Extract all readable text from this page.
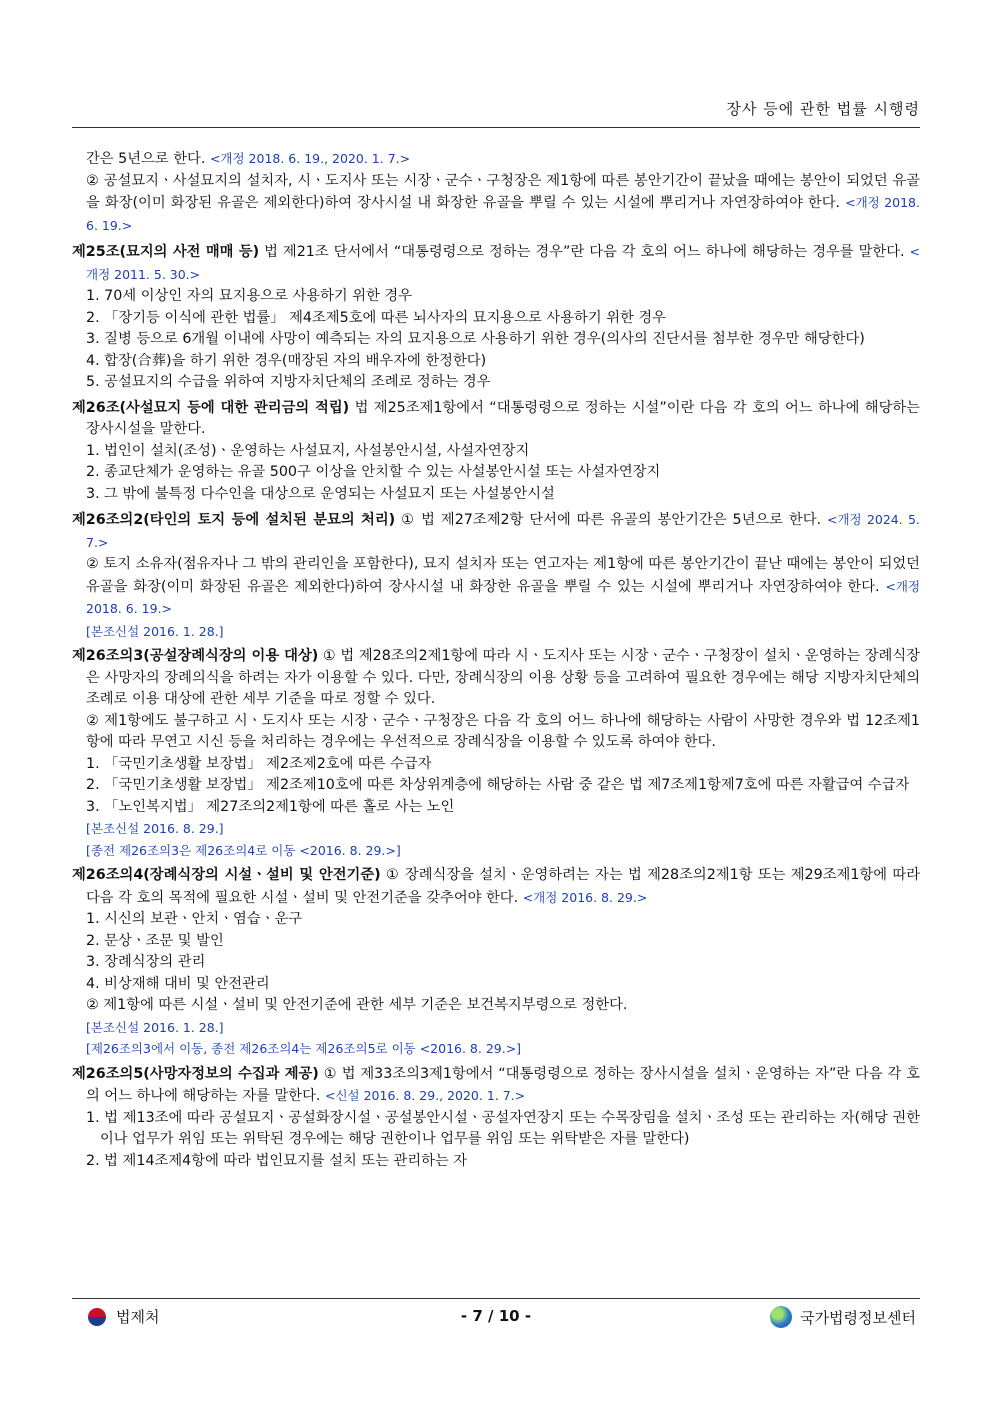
장사 등에 관한 법률 시행령

간은 5년으로 한다. <개정 2018. 6. 19., 2020. 1. 7.>

② 공설묘지ㆍ사설묘지의 설치자, 시ㆍ도지사 또는 시장ㆍ군수ㆍ구청장은 제1항에 따른 봉안기간이 끝났을 때에는 봉안이 되었던 유골을 화장(이미 화장된 유골은 제외한다)하여 장사시설 내 화장한 유골을 뿌릴 수 있는 시설에 뿌리거나 자연장하여야 한다. <개정 2018. 6. 19.>

제25조(묘지의 사전 매매 등) 법 제21조 단서에서 “대통령령으로 정하는 경우”란 다음 각 호의 어느 하나에 해당하는 경우를 말한다. <개정 2011. 5. 30.>

1. 70세 이상인 자의 묘지용으로 사용하기 위한 경우

2. 「장기등 이식에 관한 법률」 제4조제5호에 따른 뇌사자의 묘지용으로 사용하기 위한 경우

3. 질병 등으로 6개월 이내에 사망이 예측되는 자의 묘지용으로 사용하기 위한 경우(의사의 진단서를 첨부한 경우만 해당한다)

4. 합장(合葬)을 하기 위한 경우(매장된 자의 배우자에 한정한다)

5. 공설묘지의 수급을 위하여 지방자치단체의 조례로 정하는 경우

제26조(사설묘지 등에 대한 관리금의 적립) 법 제25조제1항에서 “대통령령으로 정하는 시설”이란 다음 각 호의 어느 하나에 해당하는 장사시설을 말한다.

1. 법인이 설치(조성)ㆍ운영하는 사설묘지, 사설봉안시설, 사설자연장지

2. 종교단체가 운영하는 유골 500구 이상을 안치할 수 있는 사설봉안시설 또는 사설자연장지

3. 그 밖에 불특정 다수인을 대상으로 운영되는 사설묘지 또는 사설봉안시설

제26조의2(타인의 토지 등에 설치된 분묘의 처리) ① 법 제27조제2항 단서에 따른 유골의 봉안기간은 5년으로 한다. <개정 2024. 5. 7.>

② 토지 소유자(점유자나 그 밖의 관리인을 포함한다), 묘지 설치자 또는 연고자는 제1항에 따른 봉안기간이 끝난 때에는 봉안이 되었던 유골을 화장(이미 화장된 유골은 제외한다)하여 장사시설 내 화장한 유골을 뿌릴 수 있는 시설에 뿌리거나 자연장하여야 한다. <개정 2018. 6. 19.>

[본조신설 2016. 1. 28.]

제26조의3(공설장례식장의 이용 대상) ① 법 제28조의2제1항에 따라 시ㆍ도지사 또는 시장ㆍ군수ㆍ구청장이 설치ㆍ운영하는 장례식장은 사망자의 장례의식을 하려는 자가 이용할 수 있다. 다만, 장례식장의 이용 상황 등을 고려하여 필요한 경우에는 해당 지방자치단체의 조례로 이용 대상에 관한 세부 기준을 따로 정할 수 있다.

② 제1항에도 불구하고 시ㆍ도지사 또는 시장ㆍ군수ㆍ구청장은 다음 각 호의 어느 하나에 해당하는 사람이 사망한 경우와 법 12조제1항에 따라 무연고 시신 등을 처리하는 경우에는 우선적으로 장례식장을 이용할 수 있도록 하여야 한다.

1. 「국민기초생활 보장법」 제2조제2호에 따른 수급자

2. 「국민기초생활 보장법」 제2조제10호에 따른 차상위계층에 해당하는 사람 중 같은 법 제7조제1항제7호에 따른 자활급여 수급자

3. 「노인복지법」 제27조의2제1항에 따른 홀로 사는 노인

[본조신설 2016. 8. 29.]

[종전 제26조의3은 제26조의4로 이동 <2016. 8. 29.>]

제26조의4(장례식장의 시설ㆍ설비 및 안전기준) ① 장례식장을 설치ㆍ운영하려는 자는 법 제28조의2제1항 또는 제29조제1항에 따라 다음 각 호의 목적에 필요한 시설ㆍ설비 및 안전기준을 갖추어야 한다. <개정 2016. 8. 29.>

1. 시신의 보관ㆍ안치ㆍ염습ㆍ운구

2. 문상ㆍ조문 및 발인

3. 장례식장의 관리

4. 비상재해 대비 및 안전관리

② 제1항에 따른 시설ㆍ설비 및 안전기준에 관한 세부 기준은 보건복지부령으로 정한다.

[본조신설 2016. 1. 28.]

[제26조의3에서 이동, 종전 제26조의4는 제26조의5로 이동 <2016. 8. 29.>]

제26조의5(사망자정보의 수집과 제공) ① 법 제33조의3제1항에서 “대통령령으로 정하는 장사시설을 설치ㆍ운영하는 자”란 다음 각 호의 어느 하나에 해당하는 자를 말한다. <신설 2016. 8. 29., 2020. 1. 7.>

1. 법 제13조에 따라 공설묘지ㆍ공설화장시설ㆍ공설봉안시설ㆍ공설자연장지 또는 수목장림을 설치ㆍ조성 또는 관리하는 자(해당 권한이나 업무가 위임 또는 위탁된 경우에는 해당 권한이나 업무를 위임 또는 위탁받은 자를 말한다)

2. 법 제14조제4항에 따라 법인묘지를 설치 또는 관리하는 자

법제처	- 7 / 10 -	국가법령정보센터
